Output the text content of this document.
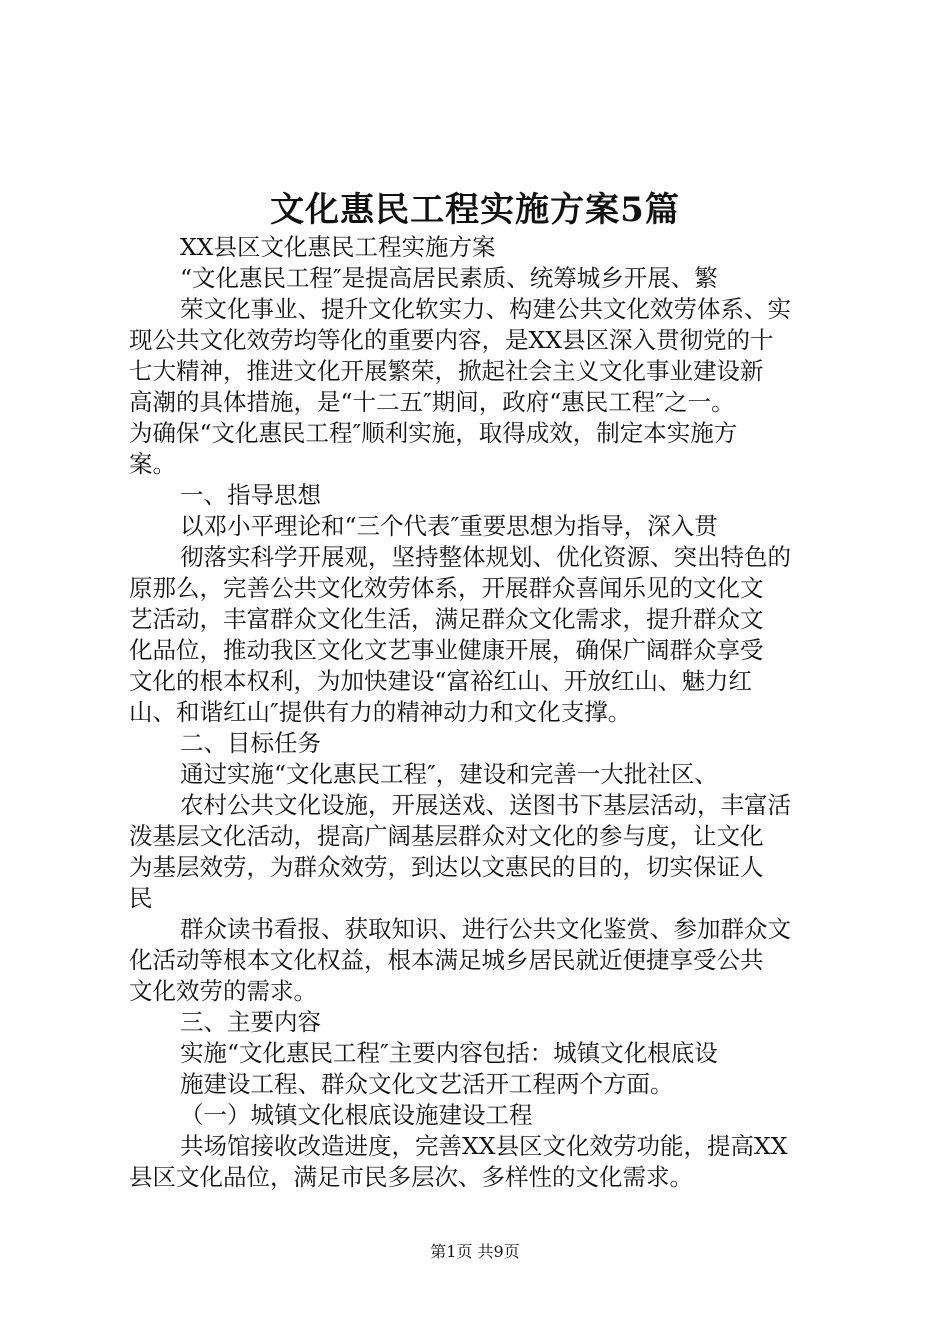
文化惠民工程实施方案5篇

XX县区文化惠民工程实施方案

“文化惠民工程″是提高居民素质、统筹城乡开展、繁

荣文化事业、提升文化软实力、构建公共文化效劳体系、实

现公共文化效劳均等化的重要内容，是XX县区深入贯彻党的十

七大精神，推进文化开展繁荣，掀起社会主义文化事业建设新

高潮的具体措施，是“十二五″期间，政府“惠民工程″之一。

为确保“文化惠民工程″顺利实施，取得成效，制定本实施方

案。

一、指导思想

以邓小平理论和“三个代表″重要思想为指导，深入贯

彻落实科学开展观，坚持整体规划、优化资源、突出特色的

原那么，完善公共文化效劳体系，开展群众喜闻乐见的文化文

艺活动，丰富群众文化生活，满足群众文化需求，提升群众文

化品位，推动我区文化文艺事业健康开展，确保广阔群众享受

文化的根本权利，为加快建设“富裕红山、开放红山、魅力红

山、和谐红山″提供有力的精神动力和文化支撑。

二、目标任务

通过实施“文化惠民工程″，建设和完善一大批社区、

农村公共文化设施，开展送戏、送图书下基层活动，丰富活

泼基层文化活动，提高广阔基层群众对文化的参与度，让文化

为基层效劳，为群众效劳，到达以文惠民的目的，切实保证人

民

群众读书看报、获取知识、进行公共文化鉴赏、参加群众文

化活动等根本文化权益，根本满足城乡居民就近便捷享受公共

文化效劳的需求。

三、主要内容

实施“文化惠民工程″主要内容包括：城镇文化根底设

施建设工程、群众文化文艺活开工程两个方面。

（一）城镇文化根底设施建设工程

共场馆接收改造进度，完善XX县区文化效劳功能，提高XX

县区文化品位，满足市民多层次、多样性的文化需求。

第1页 共9页
